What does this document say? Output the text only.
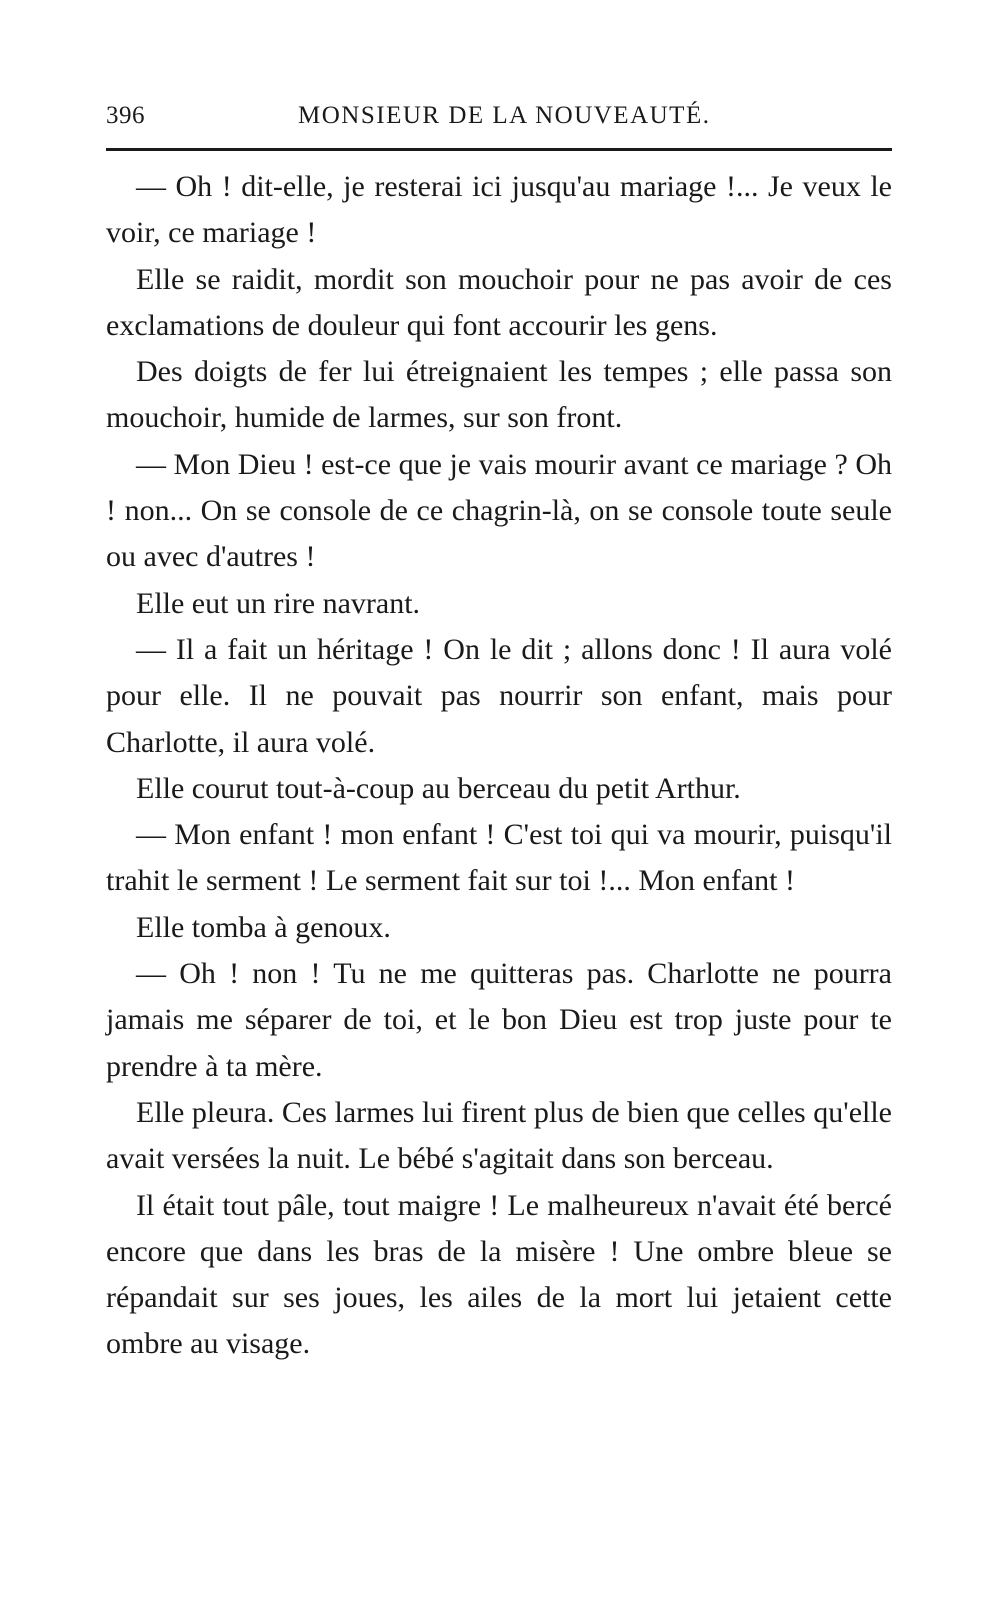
396	MONSIEUR DE LA NOUVEAUTÉ.

— Oh ! dit-elle, je resterai ici jusqu'au mariage !... Je veux le voir, ce mariage !

Elle se raidit, mordit son mouchoir pour ne pas avoir de ces exclamations de douleur qui font accourir les gens.

Des doigts de fer lui étreignaient les tempes ; elle passa son mouchoir, humide de larmes, sur son front.

— Mon Dieu ! est-ce que je vais mourir avant ce mariage ? Oh ! non... On se console de ce chagrin-là, on se console toute seule ou avec d'autres !

Elle eut un rire navrant.

— Il a fait un héritage ! On le dit ; allons donc ! Il aura volé pour elle. Il ne pouvait pas nourrir son enfant, mais pour Charlotte, il aura volé.

Elle courut tout-à-coup au berceau du petit Arthur.

— Mon enfant ! mon enfant ! C'est toi qui va mourir, puisqu'il trahit le serment ! Le serment fait sur toi !... Mon enfant !

Elle tomba à genoux.

— Oh ! non ! Tu ne me quitteras pas. Charlotte ne pourra jamais me séparer de toi, et le bon Dieu est trop juste pour te prendre à ta mère.

Elle pleura. Ces larmes lui firent plus de bien que celles qu'elle avait versées la nuit. Le bébé s'agitait dans son berceau.

Il était tout pâle, tout maigre ! Le malheureux n'avait été bercé encore que dans les bras de la misère ! Une ombre bleue se répandait sur ses joues, les ailes de la mort lui jetaient cette ombre au visage.
